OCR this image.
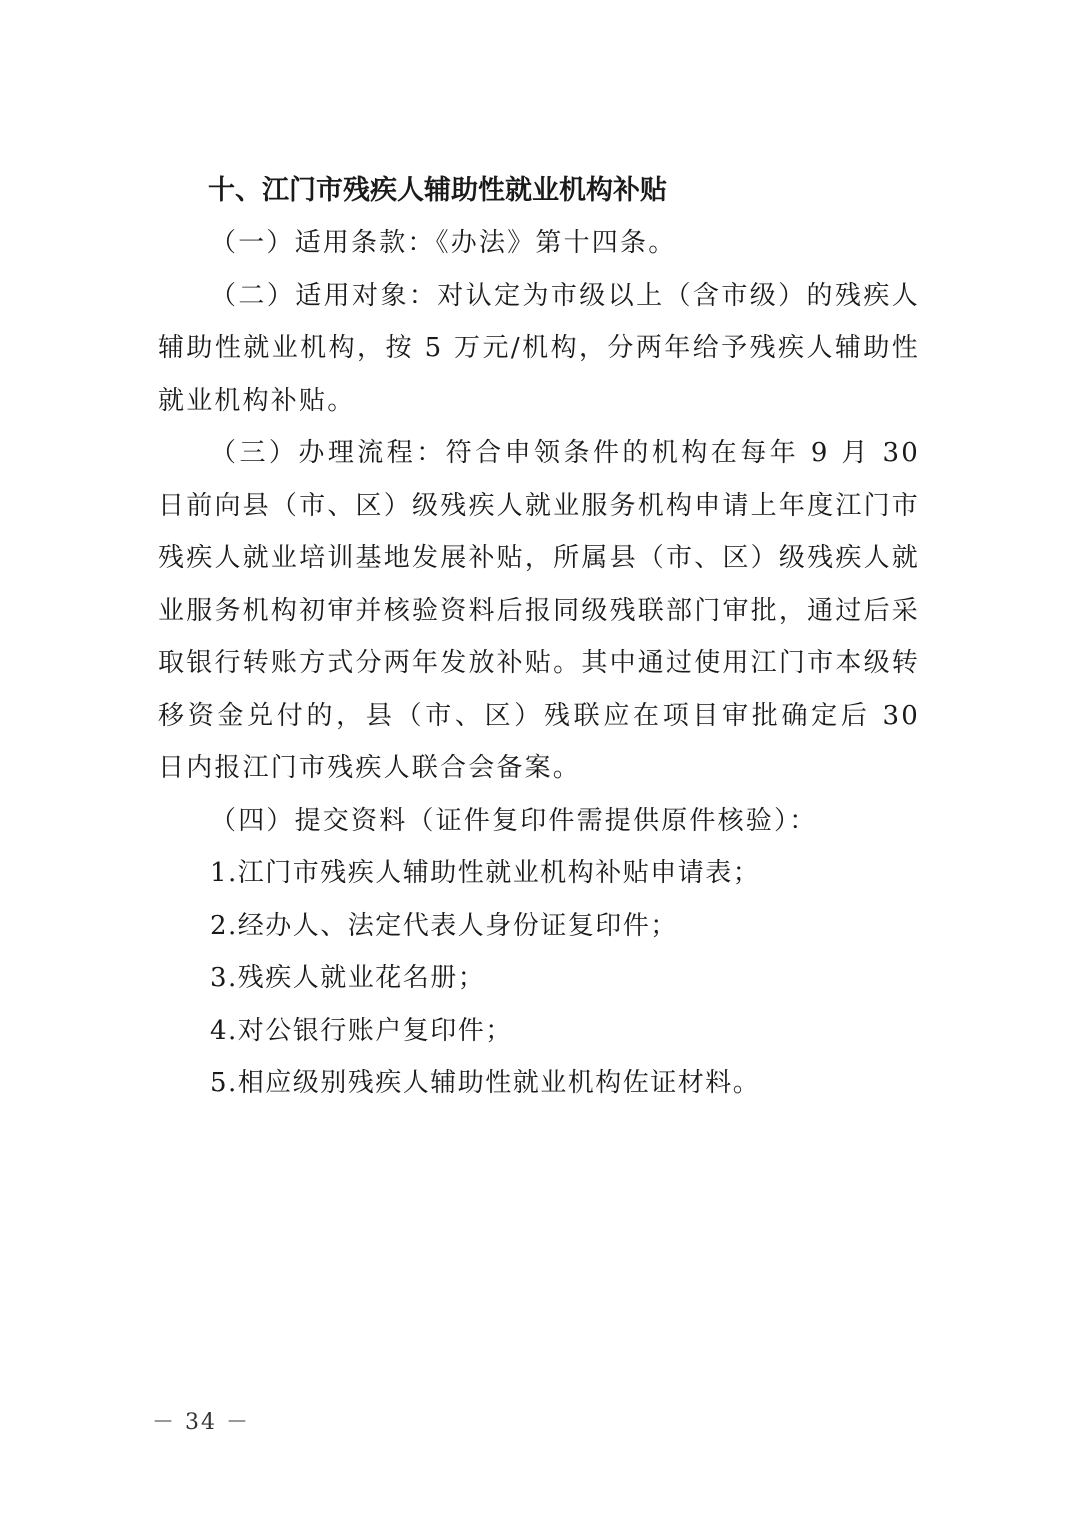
十、江门市残疾人辅助性就业机构补贴

（一）适用条款：《办法》第十四条。

（二）适用对象：对认定为市级以上（含市级）的残疾人辅助性就业机构，按 5 万元/机构，分两年给予残疾人辅助性就业机构补贴。

（三）办理流程：符合申领条件的机构在每年 9 月 30 日前向县（市、区）级残疾人就业服务机构申请上年度江门市残疾人就业培训基地发展补贴，所属县（市、区）级残疾人就业服务机构初审并核验资料后报同级残联部门审批，通过后采取银行转账方式分两年发放补贴。其中通过使用江门市本级转移资金兑付的，县（市、区）残联应在项目审批确定后 30 日内报江门市残疾人联合会备案。

（四）提交资料（证件复印件需提供原件核验）：

1.江门市残疾人辅助性就业机构补贴申请表；

2.经办人、法定代表人身份证复印件；

3.残疾人就业花名册；

4.对公银行账户复印件；

5.相应级别残疾人辅助性就业机构佐证材料。

－ 34 －
